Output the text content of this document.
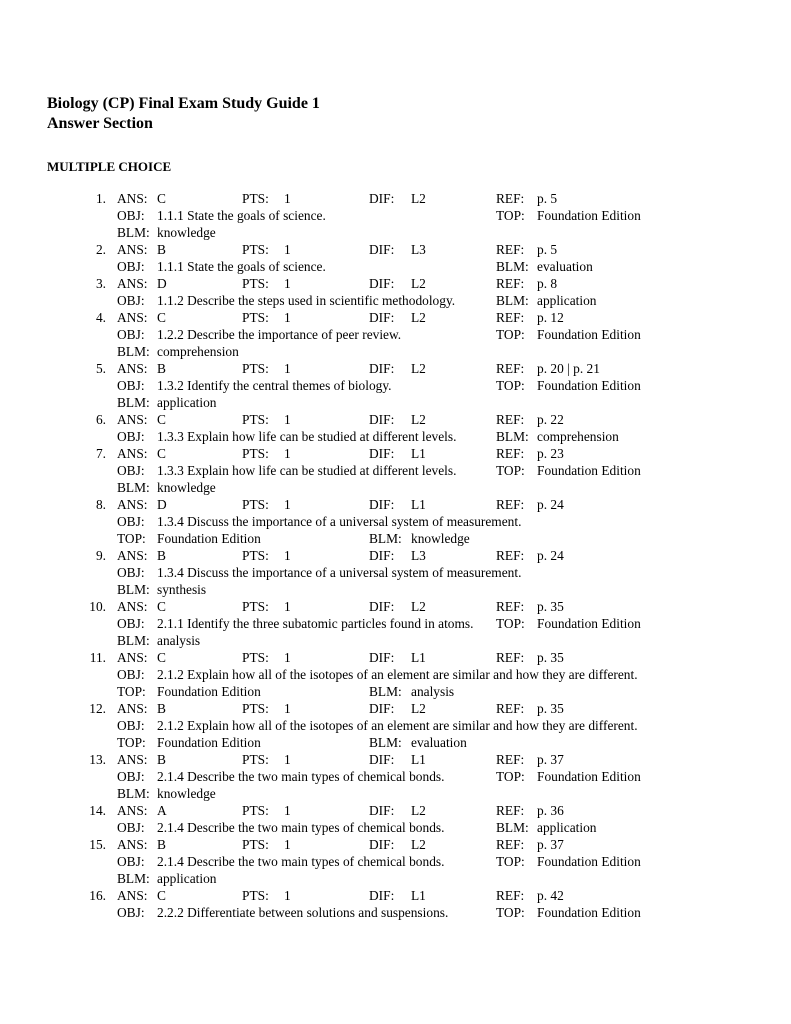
Biology (CP) Final Exam Study Guide 1
Answer Section
MULTIPLE CHOICE
1. ANS: C	PTS: 1	DIF: L2	REF: p. 5
OBJ: 1.1.1 State the goals of science.	TOP: Foundation Edition
BLM: knowledge
2. ANS: B	PTS: 1	DIF: L3	REF: p. 5
OBJ: 1.1.1 State the goals of science.	BLM: evaluation
3. ANS: D	PTS: 1	DIF: L2	REF: p. 8
OBJ: 1.1.2 Describe the steps used in scientific methodology.	BLM: application
4. ANS: C	PTS: 1	DIF: L2	REF: p. 12
OBJ: 1.2.2 Describe the importance of peer review.	TOP: Foundation Edition
BLM: comprehension
5. ANS: B	PTS: 1	DIF: L2	REF: p. 20 | p. 21
OBJ: 1.3.2 Identify the central themes of biology.	TOP: Foundation Edition
BLM: application
6. ANS: C	PTS: 1	DIF: L2	REF: p. 22
OBJ: 1.3.3 Explain how life can be studied at different levels.	BLM: comprehension
7. ANS: C	PTS: 1	DIF: L1	REF: p. 23
OBJ: 1.3.3 Explain how life can be studied at different levels.	TOP: Foundation Edition
BLM: knowledge
8. ANS: D	PTS: 1	DIF: L1	REF: p. 24
OBJ: 1.3.4 Discuss the importance of a universal system of measurement.
TOP: Foundation Edition	BLM: knowledge
9. ANS: B	PTS: 1	DIF: L3	REF: p. 24
OBJ: 1.3.4 Discuss the importance of a universal system of measurement.
BLM: synthesis
10. ANS: C	PTS: 1	DIF: L2	REF: p. 35
OBJ: 2.1.1 Identify the three subatomic particles found in atoms. TOP: Foundation Edition
BLM: analysis
11. ANS: C	PTS: 1	DIF: L1	REF: p. 35
OBJ: 2.1.2 Explain how all of the isotopes of an element are similar and how they are different.
TOP: Foundation Edition	BLM: analysis
12. ANS: B	PTS: 1	DIF: L2	REF: p. 35
OBJ: 2.1.2 Explain how all of the isotopes of an element are similar and how they are different.
TOP: Foundation Edition	BLM: evaluation
13. ANS: B	PTS: 1	DIF: L1	REF: p. 37
OBJ: 2.1.4 Describe the two main types of chemical bonds.	TOP: Foundation Edition
BLM: knowledge
14. ANS: A	PTS: 1	DIF: L2	REF: p. 36
OBJ: 2.1.4 Describe the two main types of chemical bonds.	BLM: application
15. ANS: B	PTS: 1	DIF: L2	REF: p. 37
OBJ: 2.1.4 Describe the two main types of chemical bonds.	TOP: Foundation Edition
BLM: application
16. ANS: C	PTS: 1	DIF: L1	REF: p. 42
OBJ: 2.2.2 Differentiate between solutions and suspensions.	TOP: Foundation Edition
